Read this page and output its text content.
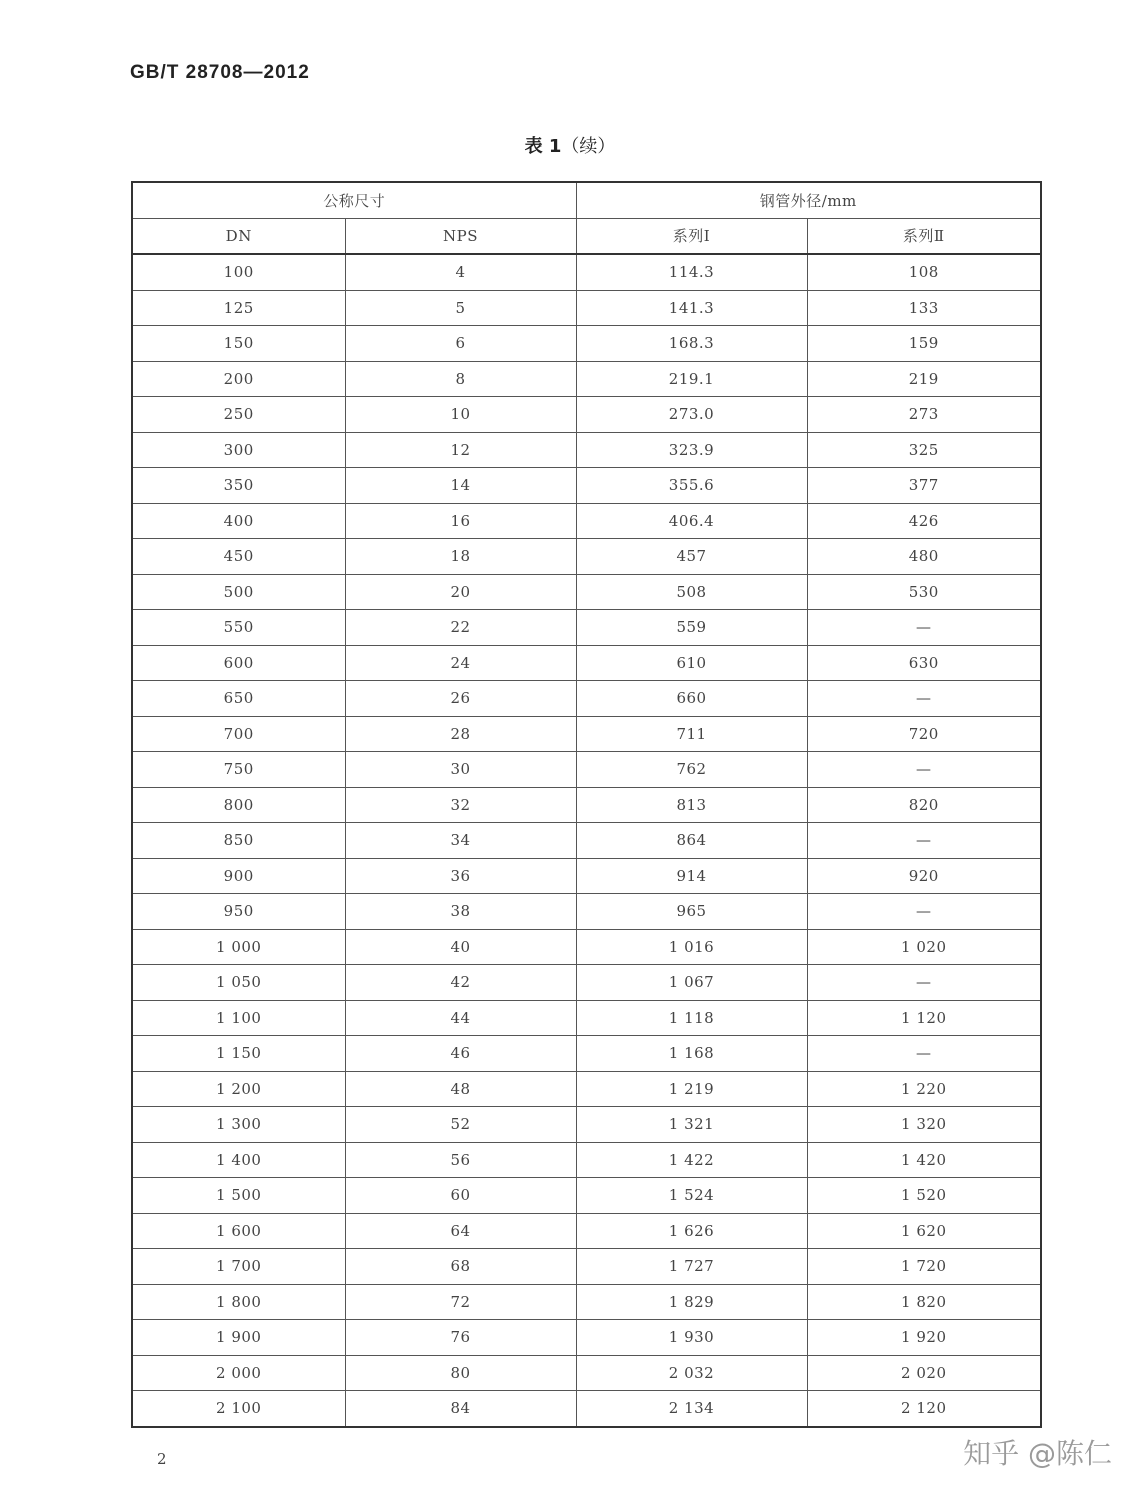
GB/T 28708—2012
表 1（续）
公称尺寸		钢管外径/mm	
DN	NPS	系列Ⅰ	系列Ⅱ
100	4	114.3	108
125	5	141.3	133
150	6	168.3	159
200	8	219.1	219
250	10	273.0	273
300	12	323.9	325
350	14	355.6	377
400	16	406.4	426
450	18	457	480
500	20	508	530
550	22	559	—
600	24	610	630
650	26	660	—
700	28	711	720
750	30	762	—
800	32	813	820
850	34	864	—
900	36	914	920
950	38	965	—
1 000	40	1 016	1 020
1 050	42	1 067	—
1 100	44	1 118	1 120
1 150	46	1 168	—
1 200	48	1 219	1 220
1 300	52	1 321	1 320
1 400	56	1 422	1 420
1 500	60	1 524	1 520
1 600	64	1 626	1 620
1 700	68	1 727	1 720
1 800	72	1 829	1 820
1 900	76	1 930	1 920
2 000	80	2 032	2 020
2 100	84	2 134	2 120
2	知乎 @陈仁
